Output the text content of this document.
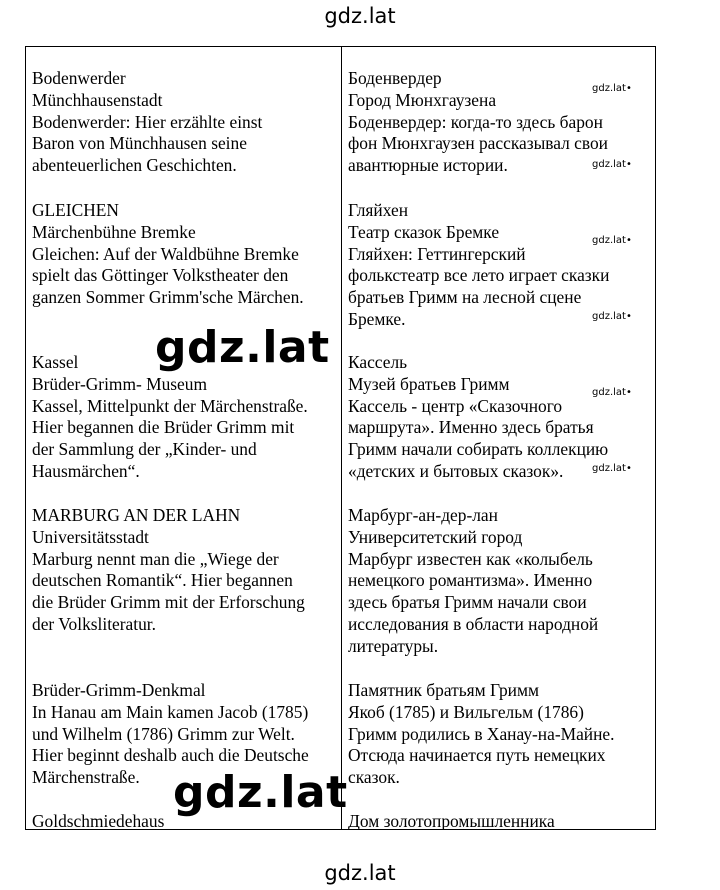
gdz.lat

Bodenwerder

Münchhausenstadt

Bodenwerder: Hier erzählte einst

Baron von Münchhausen seine

abenteuerlichen Geschichten.

GLEICHEN

Märchenbühne Bremke

Gleichen: Auf der Waldbühne Bremke

spielt das Göttinger Volkstheater den

ganzen Sommer Grimm'sche Märchen.

Kassel

Brüder-Grimm- Museum

Kassel, Mittelpunkt der Märchenstraße.

Hier begannen die Brüder Grimm mit

der Sammlung der „Kinder- und

Hausmärchen“.

MARBURG AN DER LAHN

Universitätsstadt

Marburg nennt man die „Wiege der

deutschen Romantik“. Hier begannen

die Brüder Grimm mit der Erforschung

der Volksliteratur.

Brüder-Grimm-Denkmal

In Hanau am Main kamen Jacob (1785)

und Wilhelm (1786) Grimm zur Welt.

Hier beginnt deshalb auch die Deutsche

Märchenstraße.

Goldschmiedehaus

Боденвердер

Город Мюнхгаузена

Боденвердер: когда-то здесь барон

фон Мюнхгаузен рассказывал свои

авантюрные истории.

Гляйхен

Театр сказок Бремке

Гляйхен: Геттингерский

фолькстеатр все лето играет сказки

братьев Гримм на лесной сцене

Бремке.

Кассель

Музей братьев Гримм

Кассель - центр «Сказочного

маршрута». Именно здесь братья

Гримм начали собирать коллекцию

«детских и бытовых сказок».

Марбург-ан-дер-лан

Университетский город

Марбург известен как «колыбель

немецкого романтизма». Именно

здесь братья Гримм начали свои

исследования в области народной

литературы.

Памятник братьям Гримм

Якоб (1785) и Вильгельм (1786)

Гримм родились в Ханау-на-Майне.

Отсюда начинается путь немецких

сказок.

Дом золотопромышленника

gdz.lat
gdz.lat
gdz.lat•
gdz.lat•
gdz.lat•
gdz.lat•
gdz.lat•
gdz.lat•
gdz.lat
